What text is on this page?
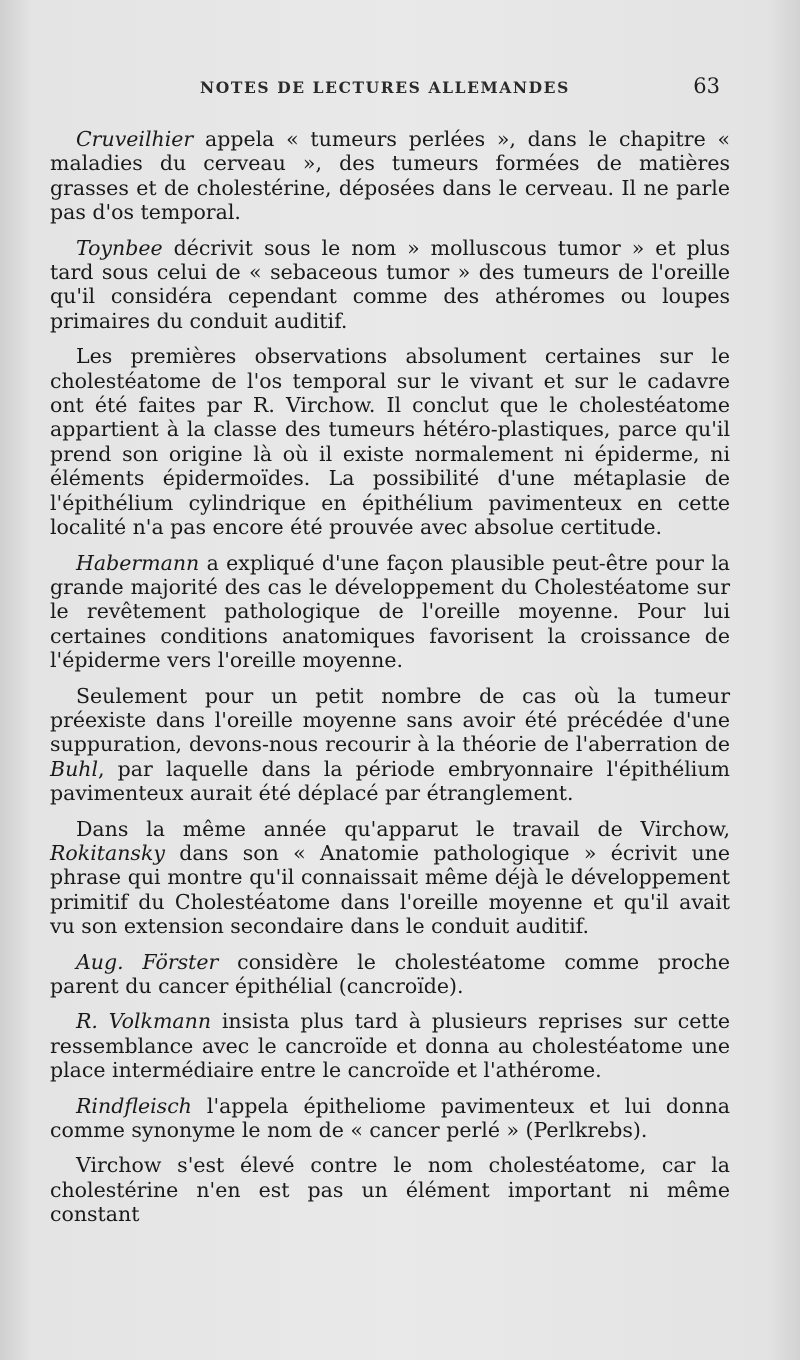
NOTES DE LECTURES ALLEMANDES	63

Cruveilhier appela « tumeurs perlées », dans le chapitre « maladies du cerveau », des tumeurs formées de matières grasses et de cholestérine, déposées dans le cerveau. Il ne parle pas d'os temporal.

Toynbee décrivit sous le nom » molluscous tumor » et plus tard sous celui de « sebaceous tumor » des tumeurs de l'oreille qu'il considéra cependant comme des athéromes ou loupes primaires du conduit auditif.

Les premières observations absolument certaines sur le cholestéatome de l'os temporal sur le vivant et sur le cadavre ont été faites par R. Virchow. Il conclut que le cholestéatome appartient à la classe des tumeurs hétéro-plastiques, parce qu'il prend son origine là où il existe normalement ni épiderme, ni éléments épidermoïdes. La possibilité d'une métaplasie de l'épithélium cylindrique en épithélium pavimenteux en cette localité n'a pas encore été prouvée avec absolue certitude.

Habermann a expliqué d'une façon plausible peut-être pour la grande majorité des cas le développement du Cholestéatome sur le revêtement pathologique de l'oreille moyenne. Pour lui certaines conditions anatomiques favorisent la croissance de l'épiderme vers l'oreille moyenne.

Seulement pour un petit nombre de cas où la tumeur préexiste dans l'oreille moyenne sans avoir été précédée d'une suppuration, devons-nous recourir à la théorie de l'aberration de Buhl, par laquelle dans la période embryonnaire l'épithélium pavimenteux aurait été déplacé par étranglement.

Dans la même année qu'apparut le travail de Virchow, Rokitansky dans son « Anatomie pathologique » écrivit une phrase qui montre qu'il connaissait même déjà le développement primitif du Cholestéatome dans l'oreille moyenne et qu'il avait vu son extension secondaire dans le conduit auditif.

Aug. Förster considère le cholestéatome comme proche parent du cancer épithélial (cancroïde).

R. Volkmann insista plus tard à plusieurs reprises sur cette ressemblance avec le cancroïde et donna au cholestéatome une place intermédiaire entre le cancroïde et l'athérome.

Rindfleisch l'appela épitheliome pavimenteux et lui donna comme synonyme le nom de « cancer perlé » (Perlkrebs).

Virchow s'est élevé contre le nom cholestéatome, car la cholestérine n'en est pas un élément important ni même constant
